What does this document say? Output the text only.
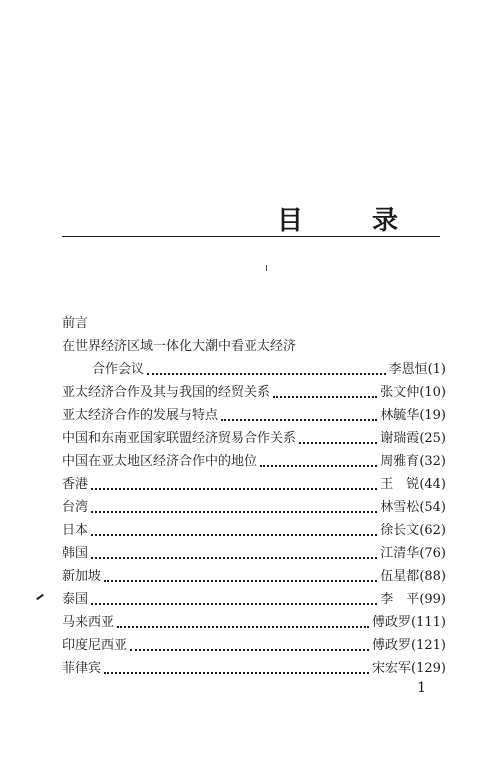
目 录
前言
在世界经济区域一体化大潮中看亚太经济
合作会议	李恩恒(1)
亚太经济合作及其与我国的经贸关系	张文仲(10)
亚太经济合作的发展与特点	林毓华(19)
中国和东南亚国家联盟经济贸易合作关系	谢瑞霞(25)
中国在亚太地区经济合作中的地位	周雅育(32)
香港	王　锐(44)
台湾	林雪松(54)
日本	徐长文(62)
韩国	江清华(76)
新加坡	伍星都(88)
泰国	李　平(99)
马来西亚	傅政罗(111)
印度尼西亚	傅政罗(121)
菲律宾	宋宏军(129)
1
